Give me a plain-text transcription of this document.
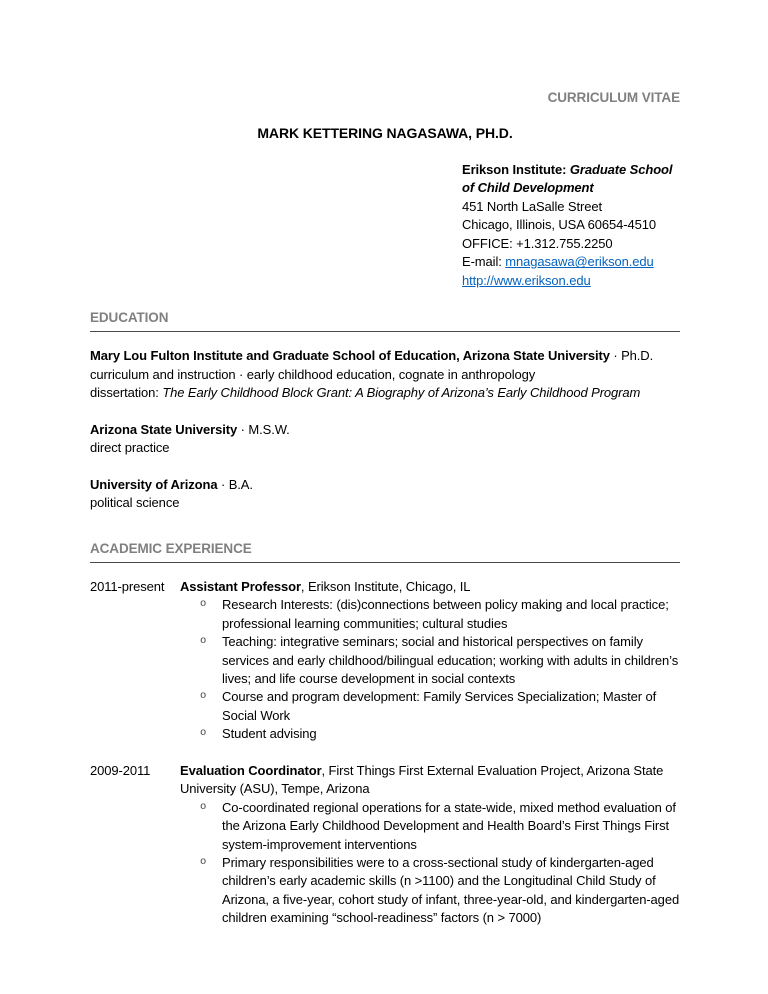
CURRICULUM VITAE
MARK KETTERING NAGASAWA, PH.D.

Erikson Institute: Graduate School of Child Development

451 North LaSalle Street

Chicago, Illinois, USA 60654-4510

OFFICE: +1.312.755.2250

E-mail: mnagasawa@erikson.edu

http://www.erikson.edu

EDUCATION

Mary Lou Fulton Institute and Graduate School of Education, Arizona State University · Ph.D.

curriculum and instruction · early childhood education, cognate in anthropology

dissertation: The Early Childhood Block Grant: A Biography of Arizona’s Early Childhood Program

Arizona State University · M.S.W.

direct practice

University of Arizona · B.A.

political science

ACADEMIC EXPERIENCE
2011-present	Assistant Professor, Erikson Institute, Chicago, IL

o Research Interests: (dis)connections between policy making and local practice; professional learning communities; cultural studies
o Teaching: integrative seminars; social and historical perspectives on family services and early childhood/bilingual education; working with adults in children’s lives; and life course development in social contexts
o Course and program development: Family Services Specialization; Master of Social Work
o Student advising
2009-2011	Evaluation Coordinator, First Things First External Evaluation Project, Arizona State University (ASU), Tempe, Arizona

o Co-coordinated regional operations for a state-wide, mixed method evaluation of the Arizona Early Childhood Development and Health Board’s First Things First system-improvement interventions
o Primary responsibilities were to a cross-sectional study of kindergarten-aged children’s early academic skills (n >1100) and the Longitudinal Child Study of Arizona, a five-year, cohort study of infant, three-year-old, and kindergarten-aged children examining “school-readiness” factors (n > 7000)
